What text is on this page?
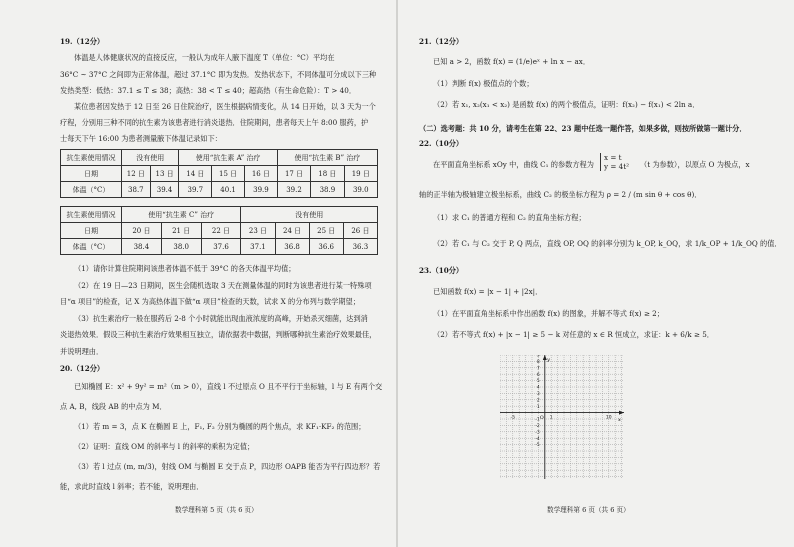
19.（12分）
体温是人体健康状况的直接反应，一般认为成年人腋下温度 T（单位：°C）平均在
36°C ~ 37°C 之间即为正常体温，超过 37.1°C 即为发热．发热状态下，不同体温可分成以下三种
发热类型：低热：37.1 ≤ T ≤ 38；高热：38 < T ≤ 40；超高热（有生命危险）：T > 40．
某位患者因发热于 12 日至 26 日住院治疗，医生根据病情变化，从 14 日开始，以 3 天为一个
疗程，分别用三种不同的抗生素为该患者进行消炎退热．住院期间，患者每天上午 8:00 服药，护
士每天下午 16:00 为患者测量腋下体温记录如下：
抗生素使用情况	没有使用		使用“抗生素 A” 治疗			使用“抗生素 B” 治疗		
日期	12 日	13 日	14 日	15 日	16 日	17 日	18 日	19 日
体温（°C）	38.7	39.4	39.7	40.1	39.9	39.2	38.9	39.0
抗生素使用情况	使用“抗生素 C” 治疗			没有使用			
日期	20 日	21 日	22 日	23 日	24 日	25 日	26 日
体温（°C）	38.4	38.0	37.6	37.1	36.8	36.6	36.3
（1）请你计算住院期间该患者体温不低于 39°C 的各天体温平均值；
（2）在 19 日—23 日期间，医生会随机选取 3 天在测量体温的同时为该患者进行某一特殊项
目“α 项目”的检查，记 X 为高热体温下做“α 项目”检查的天数，试求 X 的分布列与数学期望；
（3）抗生素治疗一般在服药后 2-8 个小时就能出现血液浓度的高峰，开始杀灭细菌，达到消
炎退热效果．假设三种抗生素治疗效果相互独立，请依据表中数据，判断哪种抗生素治疗效果最佳，
并说明理由．
20.（12分）
已知椭圆 E：x² + 9y² = m²（m > 0），直线 l 不过原点 O 且不平行于坐标轴，l 与 E 有两个交
点 A, B，线段 AB 的中点为 M．
（1）若 m = 3，点 K 在椭圆 E 上，F₁, F₂ 分别为椭圆的两个焦点，求 KF₁·KF₂ 的范围；
（2）证明：直线 OM 的斜率与 l 的斜率的乘积为定值；
（3）若 l 过点 (m, m/3)，射线 OM 与椭圆 E 交于点 P，四边形 OAPB 能否为平行四边形？若
能，求此时直线 l 斜率；若不能，说明理由．
数学理科第 5 页（共 6 页）
21.（12分）
已知 a > 2，函数 f(x) = (1/e)eˣ + ln x − ax．
（1）判断 f(x) 极值点的个数；
（2）若 x₁, x₂(x₁ < x₂) 是函数 f(x) 的两个极值点，证明：f(x₂) − f(x₁) < 2ln a．
（二）选考题：共 10 分，请考生在第 22、23 题中任选一题作答，如果多做，则按所做第一题计分．
22.（10分）
在平面直角坐标系 xOy 中，曲线 C₁ 的参数方程为
x = t
y = 4t² （t 为参数），以原点 O 为极点，x
轴的正半轴为极轴建立极坐标系，曲线 C₂ 的极坐标方程为 ρ = 2 / (m sin θ + cos θ)．
（1）求 C₁ 的普通方程和 C₂ 的直角坐标方程；
（2）若 C₁ 与 C₂ 交于 P, Q 两点，直线 OP, OQ 的斜率分别为 k_OP, k_OQ，求 1/k_OP + 1/k_OQ 的值．
23.（10分）
已知函数 f(x) = |x − 1| + |2x|．
（1）在平面直角坐标系中作出函数 f(x) 的图象，并解不等式 f(x) ≥ 2；
（2）若不等式 f(x) + |x − 1| ≥ 5 − k 对任意的 x ∈ R 恒成立，求证：k + 6/k ≥ 5．
9
8
7
6
5
4
3
2
1
-1
-2
-3
-4
-5
-5	1	10 x
y
O
数学理科第 6 页（共 6 页）
